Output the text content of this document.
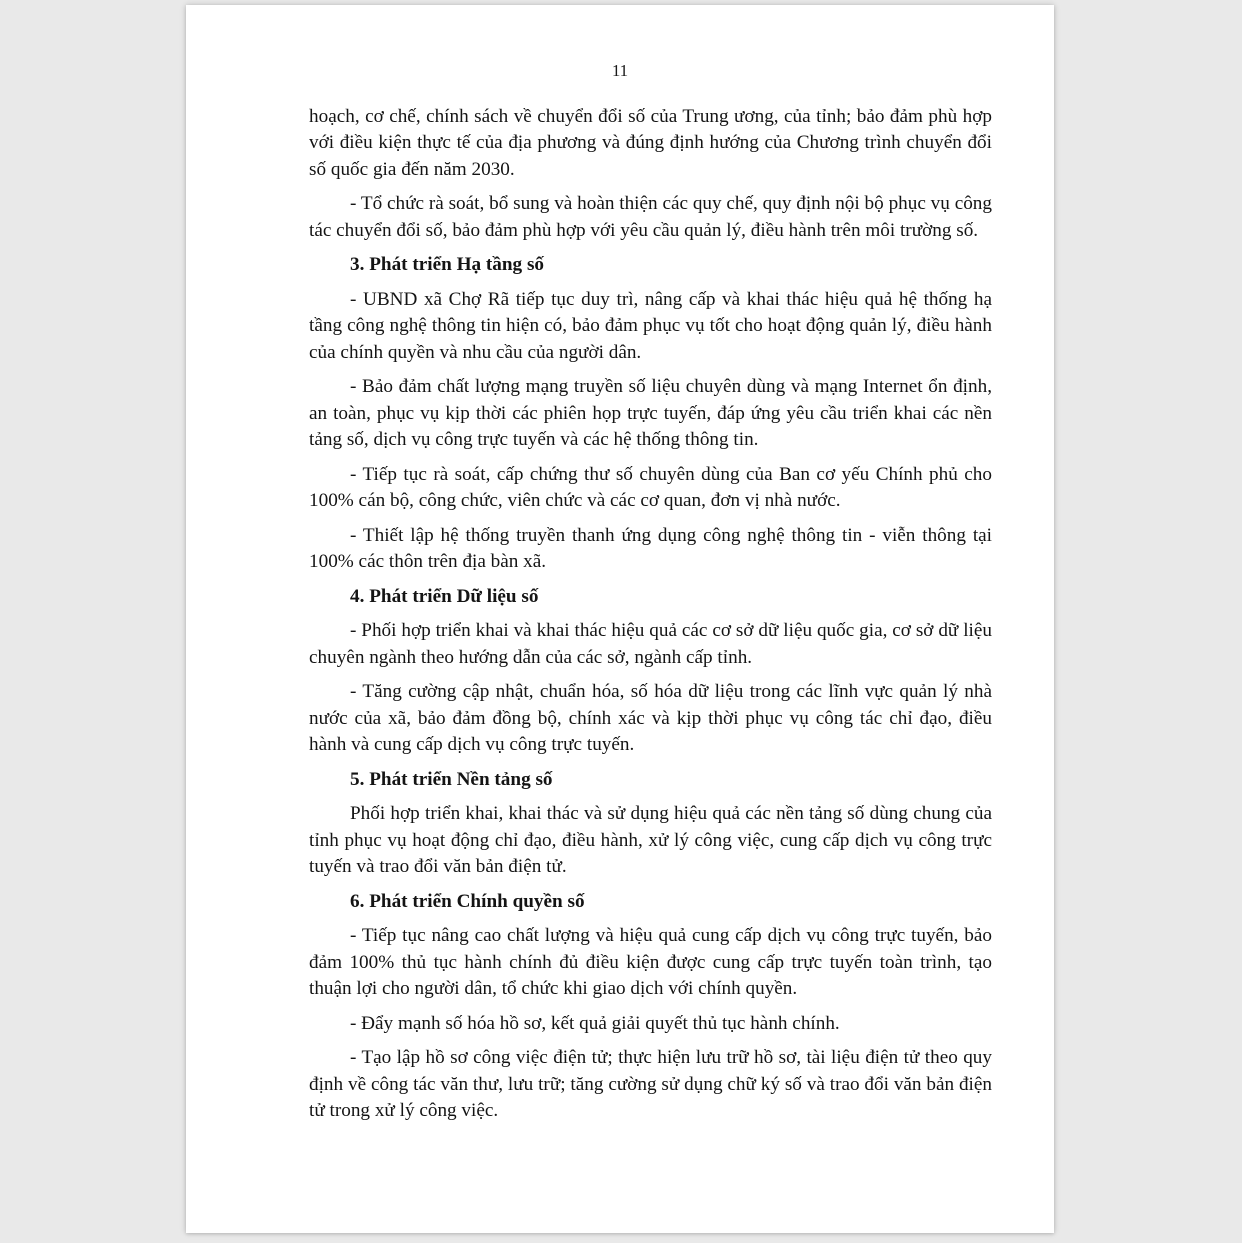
11

hoạch, cơ chế, chính sách về chuyển đổi số của Trung ương, của tỉnh; bảo đảm phù hợp với điều kiện thực tế của địa phương và đúng định hướng của Chương trình chuyển đổi số quốc gia đến năm 2030.

- Tổ chức rà soát, bổ sung và hoàn thiện các quy chế, quy định nội bộ phục vụ công tác chuyển đổi số, bảo đảm phù hợp với yêu cầu quản lý, điều hành trên môi trường số.

3. Phát triển Hạ tầng số

- UBND xã Chợ Rã tiếp tục duy trì, nâng cấp và khai thác hiệu quả hệ thống hạ tầng công nghệ thông tin hiện có, bảo đảm phục vụ tốt cho hoạt động quản lý, điều hành của chính quyền và nhu cầu của người dân.

- Bảo đảm chất lượng mạng truyền số liệu chuyên dùng và mạng Internet ổn định, an toàn, phục vụ kịp thời các phiên họp trực tuyến, đáp ứng yêu cầu triển khai các nền tảng số, dịch vụ công trực tuyến và các hệ thống thông tin.

- Tiếp tục rà soát, cấp chứng thư số chuyên dùng của Ban cơ yếu Chính phủ cho 100% cán bộ, công chức, viên chức và các cơ quan, đơn vị nhà nước.

- Thiết lập hệ thống truyền thanh ứng dụng công nghệ thông tin - viễn thông tại 100% các thôn trên địa bàn xã.

4. Phát triển Dữ liệu số

- Phối hợp triển khai và khai thác hiệu quả các cơ sở dữ liệu quốc gia, cơ sở dữ liệu chuyên ngành theo hướng dẫn của các sở, ngành cấp tỉnh.

- Tăng cường cập nhật, chuẩn hóa, số hóa dữ liệu trong các lĩnh vực quản lý nhà nước của xã, bảo đảm đồng bộ, chính xác và kịp thời phục vụ công tác chỉ đạo, điều hành và cung cấp dịch vụ công trực tuyến.

5. Phát triển Nền tảng số

Phối hợp triển khai, khai thác và sử dụng hiệu quả các nền tảng số dùng chung của tỉnh phục vụ hoạt động chỉ đạo, điều hành, xử lý công việc, cung cấp dịch vụ công trực tuyến và trao đổi văn bản điện tử.

6. Phát triển Chính quyền số

- Tiếp tục nâng cao chất lượng và hiệu quả cung cấp dịch vụ công trực tuyến, bảo đảm 100% thủ tục hành chính đủ điều kiện được cung cấp trực tuyến toàn trình, tạo thuận lợi cho người dân, tổ chức khi giao dịch với chính quyền.

- Đẩy mạnh số hóa hồ sơ, kết quả giải quyết thủ tục hành chính.

- Tạo lập hồ sơ công việc điện tử; thực hiện lưu trữ hồ sơ, tài liệu điện tử theo quy định về công tác văn thư, lưu trữ; tăng cường sử dụng chữ ký số và trao đổi văn bản điện tử trong xử lý công việc.
